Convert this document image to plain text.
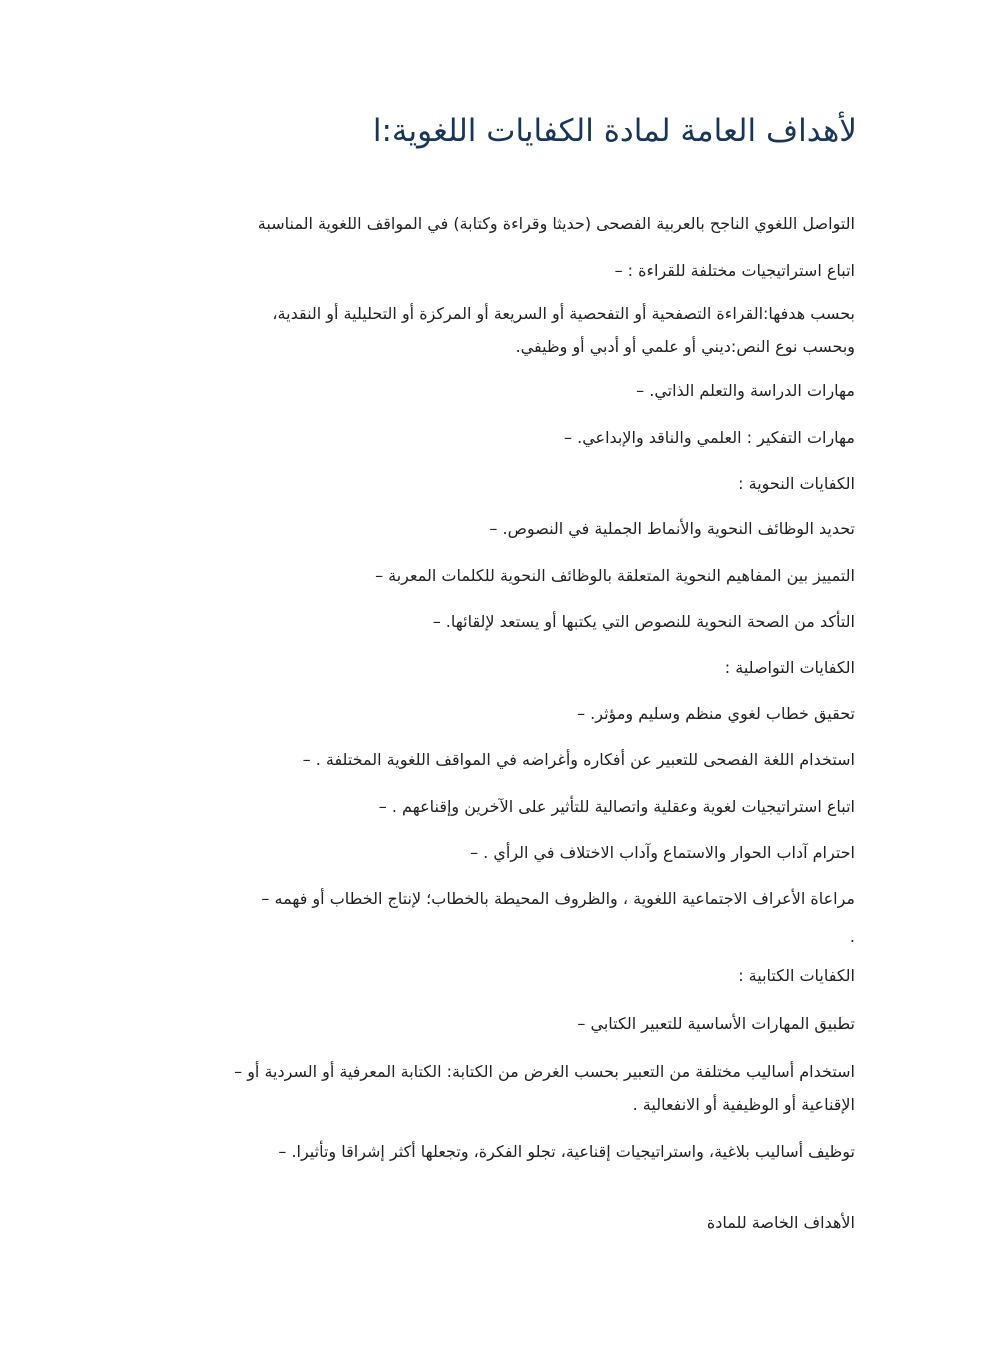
لأهداف العامة لمادة الكفايات اللغوية:ا
التواصل اللغوي الناجح بالعربية الفصحى (حديثا وقراءة وكتابة) في المواقف اللغوية المناسبة
اتباع استراتيجيات مختلفة للقراءة : –
بحسب هدفها:القراءة التصفحية أو التفحصية أو السريعة أو المركزة أو التحليلية أو النقدية،
وبحسب نوع النص:ديني أو علمي أو أدبي أو وظيفي.
مهارات الدراسة والتعلم الذاتي. –
مهارات التفكير : العلمي والناقد والإبداعي. –
الكفايات النحوية :
تحديد الوظائف النحوية والأنماط الجملية في النصوص. –
التمييز بين المفاهيم النحوية المتعلقة بالوظائف النحوية للكلمات المعربة –
التأكد من الصحة النحوية للنصوص التي يكتبها أو يستعد لإلقائها. –
الكفايات التواصلية :
تحقيق خطاب لغوي منظم وسليم ومؤثر. –
استخدام اللغة الفصحى للتعبير عن أفكاره وأغراضه في المواقف اللغوية المختلفة . –
اتباع استراتيجيات لغوية وعقلية واتصالية للتأثير على الآخرين وإقناعهم . –
احترام آداب الحوار والاستماع وآداب الاختلاف في الرأي . –
مراعاة الأعراف الاجتماعية اللغوية ، والظروف المحيطة بالخطاب؛ لإنتاج الخطاب أو فهمه –
.
الكفايات الكتابية :
تطبيق المهارات الأساسية للتعبير الكتابي –
استخدام أساليب مختلفة من التعبير بحسب الغرض من الكتابة: الكتابة المعرفية أو السردية أو –
الإقناعية أو الوظيفية أو الانفعالية .
توظيف أساليب بلاغية، واستراتيجيات إقناعية، تجلو الفكرة، وتجعلها أكثر إشراقا وتأثيرا. –
الأهداف الخاصة للمادة
